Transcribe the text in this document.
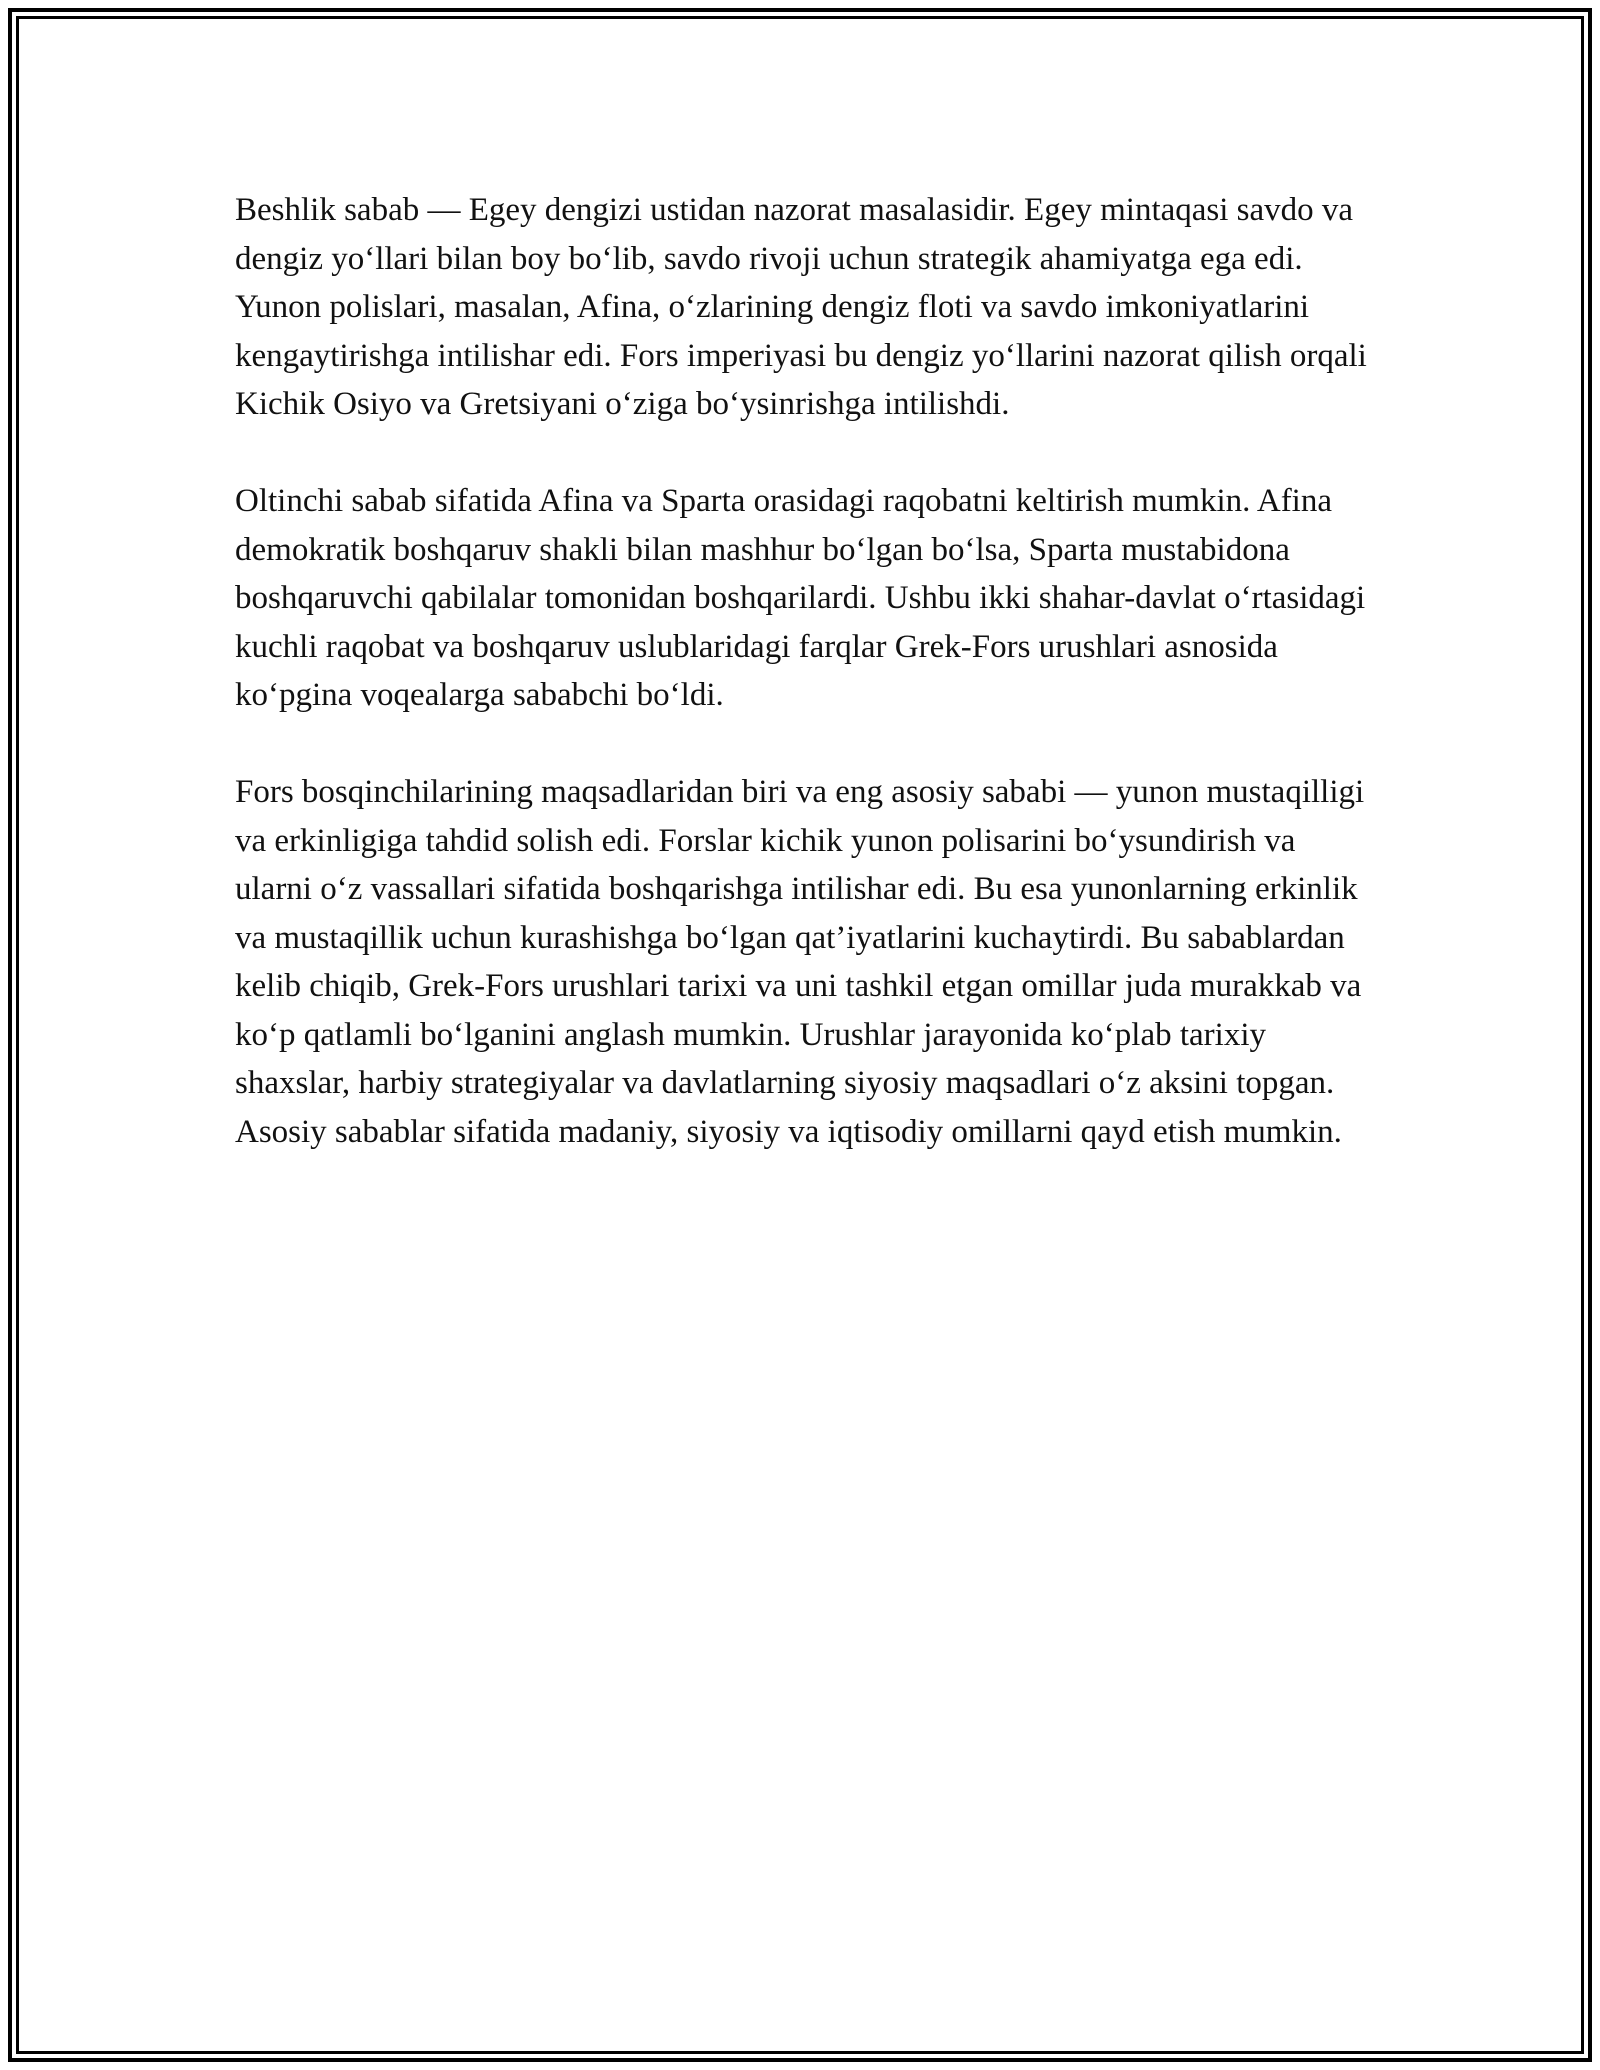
Beshlik sabab — Egey dengizi ustidan nazorat masalasidir. Egey mintaqasi savdo va dengiz yo‘llari bilan boy bo‘lib, savdo rivoji uchun strategik ahamiyatga ega edi. Yunon polislari, masalan, Afina, o‘zlarining dengiz floti va savdo imkoniyatlarini kengaytirishga intilishar edi. Fors imperiyasi bu dengiz yo‘llarini nazorat qilish orqali Kichik Osiyo va Gretsiyani o‘ziga bo‘ysinrishga intilishdi.

Oltinchi sabab sifatida Afina va Sparta orasidagi raqobatni keltirish mumkin. Afina demokratik boshqaruv shakli bilan mashhur bo‘lgan bo‘lsa, Sparta mustabidona boshqaruvchi qabilalar tomonidan boshqarilardi. Ushbu ikki shahar-davlat o‘rtasidagi kuchli raqobat va boshqaruv uslublaridagi farqlar Grek-Fors urushlari asnosida ko‘pgina voqealarga sababchi bo‘ldi.

Fors bosqinchilarining maqsadlaridan biri va eng asosiy sababi — yunon mustaqilligi va erkinligiga tahdid solish edi. Forslar kichik yunon polisarini bo‘ysundirish va ularni o‘z vassallari sifatida boshqarishga intilishar edi. Bu esa yunonlarning erkinlik va mustaqillik uchun kurashishga bo‘lgan qat’iyatlarini kuchaytirdi. Bu sabablardan kelib chiqib, Grek-Fors urushlari tarixi va uni tashkil etgan omillar juda murakkab va ko‘p qatlamli bo‘lganini anglash mumkin. Urushlar jarayonida ko‘plab tarixiy shaxslar, harbiy strategiyalar va davlatlarning siyosiy maqsadlari o‘z aksini topgan. Asosiy sabablar sifatida madaniy, siyosiy va iqtisodiy omillarni qayd etish mumkin.
